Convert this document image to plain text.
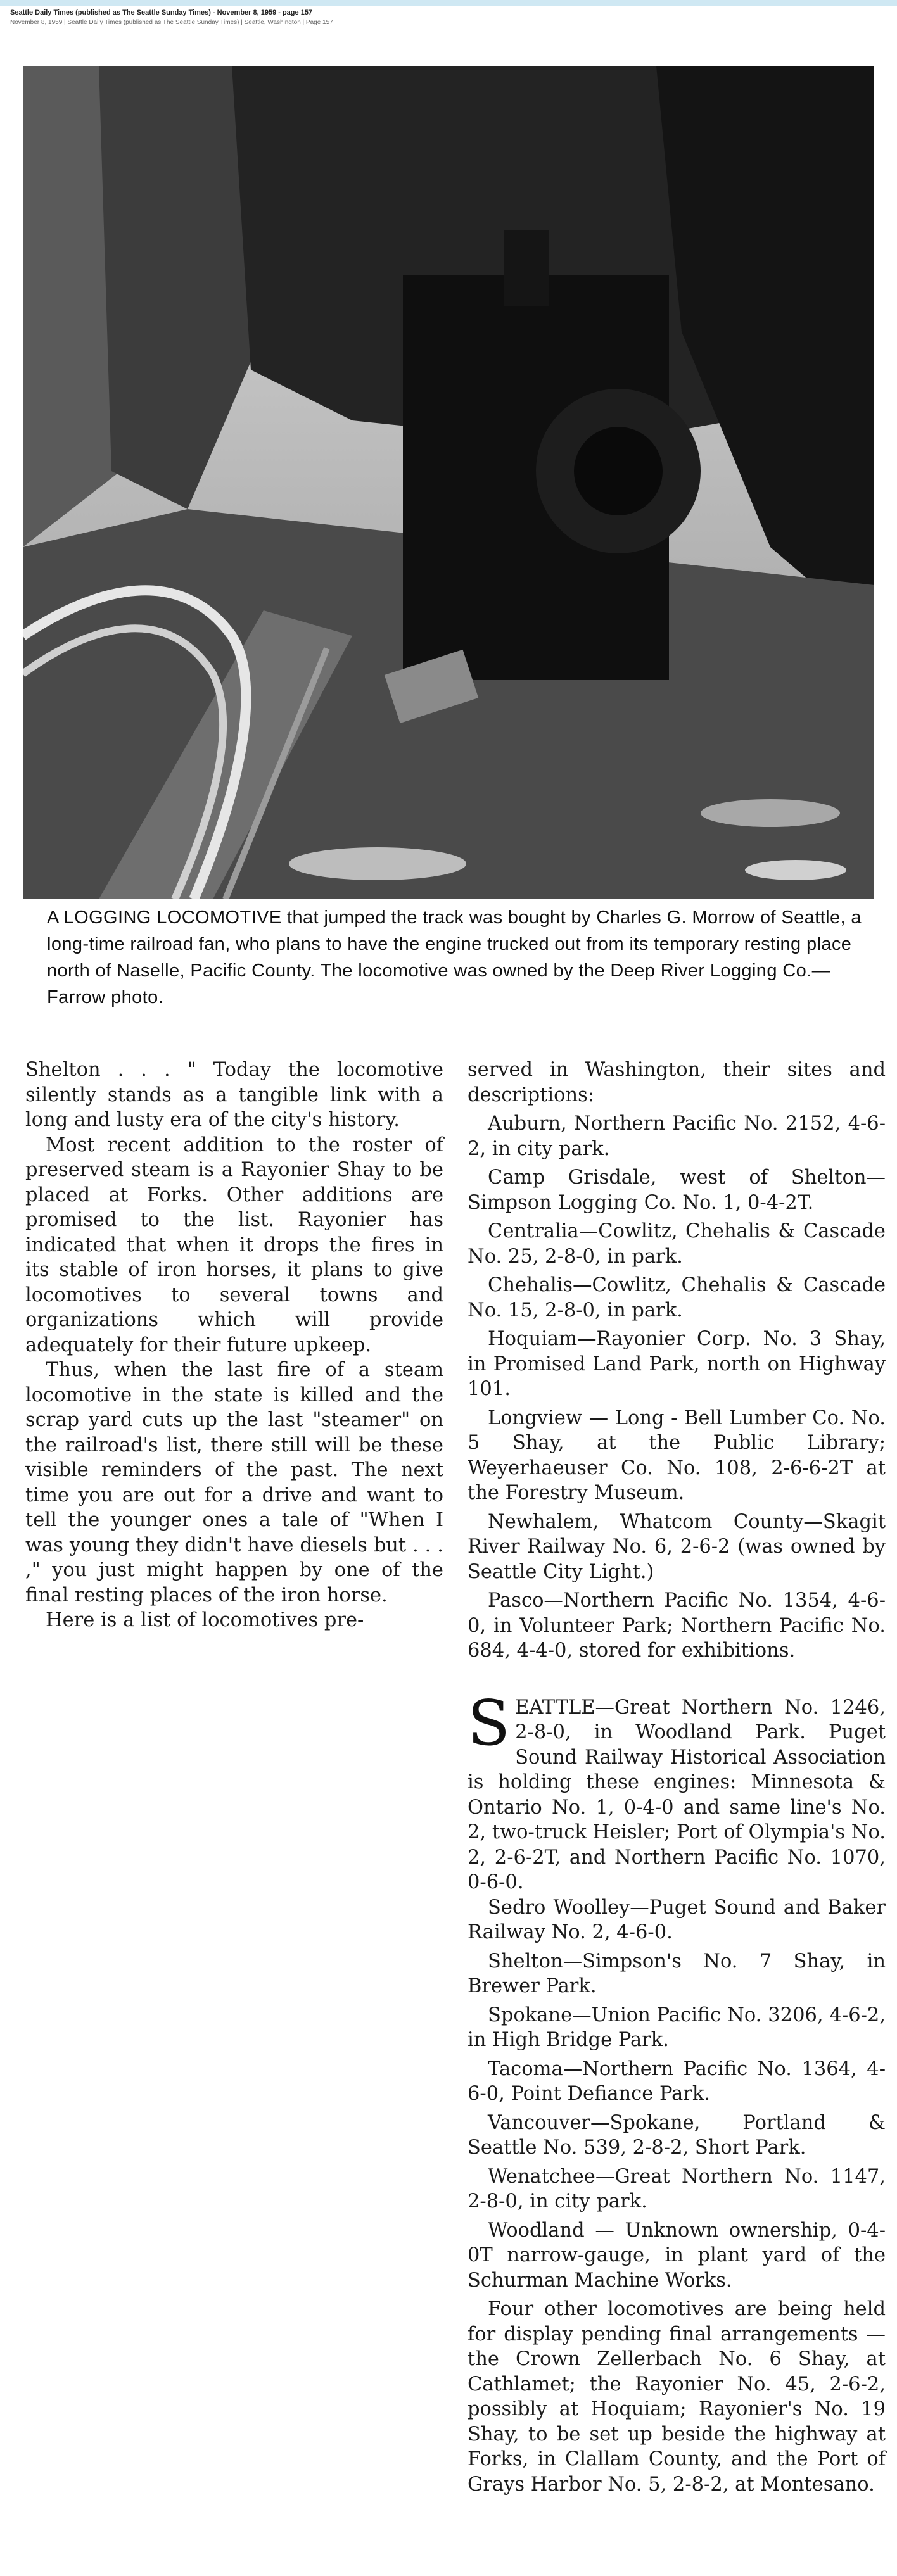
Seattle Daily Times (published as The Seattle Sunday Times) - November 8, 1959 - page 157
November 8, 1959 | Seattle Daily Times (published as The Seattle Sunday Times) | Seattle, Washington | Page 157
A LOGGING LOCOMOTIVE that jumped the track was bought by Charles G. Morrow of Seattle, a long-time railroad fan, who plans to have the engine trucked out from its temporary resting place north of Naselle, Pacific County. The locomotive was owned by the Deep River Logging Co.—Farrow photo.

Shelton . . . " Today the locomotive silently stands as a tangible link with a long and lusty era of the city's history.

Most recent addition to the roster of preserved steam is a Rayonier Shay to be placed at Forks. Other additions are promised to the list. Rayonier has indicated that when it drops the fires in its stable of iron horses, it plans to give locomotives to several towns and organizations which will provide adequately for their future upkeep.

Thus, when the last fire of a steam locomotive in the state is killed and the scrap yard cuts up the last "steamer" on the railroad's list, there still will be these visible reminders of the past. The next time you are out for a drive and want to tell the younger ones a tale of "When I was young they didn't have diesels but . . . ," you just might happen by one of the final resting places of the iron horse.

Here is a list of locomotives pre-

served in Washington, their sites and descriptions:

Auburn, Northern Pacific No. 2152, 4-6-2, in city park.

Camp Grisdale, west of Shelton—Simpson Logging Co. No. 1, 0-4-2T.

Centralia—Cowlitz, Chehalis & Cascade No. 25, 2-8-0, in park.

Chehalis—Cowlitz, Chehalis & Cascade No. 15, 2-8-0, in park.

Hoquiam—Rayonier Corp. No. 3 Shay, in Promised Land Park, north on Highway 101.

Longview — Long - Bell Lumber Co. No. 5 Shay, at the Public Library; Weyerhaeuser Co. No. 108, 2-6-6-2T at the Forestry Museum.

Newhalem, Whatcom County—Skagit River Railway No. 6, 2-6-2 (was owned by Seattle City Light.)

Pasco—Northern Pacific No. 1354, 4-6-0, in Volunteer Park; Northern Pacific No. 684, 4-4-0, stored for exhibitions.

SEATTLE—Great Northern No. 1246, 2-8-0, in Woodland Park. Puget Sound Railway Historical Association is holding these engines: Minnesota & Ontario No. 1, 0-4-0 and same line's No. 2, two-truck Heisler; Port of Olympia's No. 2, 2-6-2T, and Northern Pacific No. 1070, 0-6-0.

Sedro Woolley—Puget Sound and Baker Railway No. 2, 4-6-0.

Shelton—Simpson's No. 7 Shay, in Brewer Park.

Spokane—Union Pacific No. 3206, 4-6-2, in High Bridge Park.

Tacoma—Northern Pacific No. 1364, 4-6-0, Point Defiance Park.

Vancouver—Spokane, Portland & Seattle No. 539, 2-8-2, Short Park.

Wenatchee—Great Northern No. 1147, 2-8-0, in city park.

Woodland — Unknown ownership, 0-4-0T narrow-gauge, in plant yard of the Schurman Machine Works.

Four other locomotives are being held for display pending final arrangements — the Crown Zellerbach No. 6 Shay, at Cathlamet; the Rayonier No. 45, 2-6-2, possibly at Hoquiam; Rayonier's No. 19 Shay, to be set up beside the highway at Forks, in Clallam County, and the Port of Grays Harbor No. 5, 2-8-2, at Montesano.
